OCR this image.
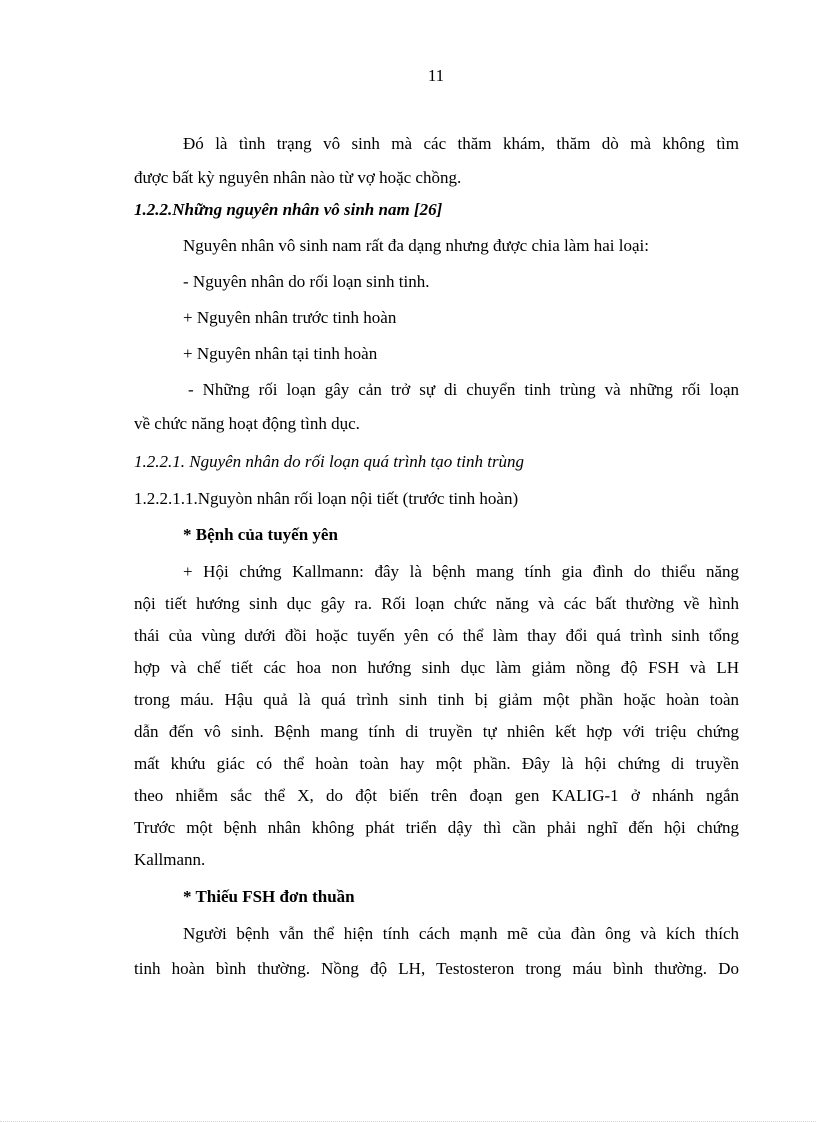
11
Đó là tình trạng vô sinh mà các thăm khám, thăm dò mà không tìm
được bất kỳ nguyên nhân nào từ vợ hoặc chồng.
1.2.2.Những nguyên nhân vô sinh nam [26]
Nguyên nhân vô sinh nam rất đa dạng nhưng được chia làm hai loại:
- Nguyên nhân do rối loạn sinh tinh.
+ Nguyên nhân trước tinh hoàn
+ Nguyên nhân tại tinh hoàn
- Những rối loạn gây cản trở sự di chuyển tinh trùng và những rối loạn
về chức năng hoạt động tình dục.
1.2.2.1. Nguyên nhân do rối loạn quá trình tạo tinh trùng
1.2.2.1.1.Nguyòn nhân rối loạn nội tiết (trước tinh hoàn)
* Bệnh của tuyến yên
+ Hội chứng Kallmann: đây là bệnh mang tính gia đình do thiểu năng
nội tiết hướng sinh dục gây ra. Rối loạn chức năng và các bất thường về hình
thái của vùng dưới đồi hoặc tuyến yên có thể làm thay đổi quá trình sinh tổng
hợp và chế tiết các hoa non hướng sinh dục làm giảm nồng độ FSH và LH
trong máu. Hậu quả là quá trình sinh tinh bị giảm một phần hoặc hoàn toàn
dẫn đến vô sinh. Bệnh mang tính di truyền tự nhiên kết hợp với triệu chứng
mất khứu giác có thể hoàn toàn hay một phần. Đây là hội chứng di truyền
theo nhiễm sắc thể X, do đột biến trên đoạn gen KALIG-1 ở nhánh ngắn
Trước một bệnh nhân không phát triển dậy thì cần phải nghĩ đến hội chứng
Kallmann.
* Thiếu FSH đơn thuần
Người bệnh vẫn thể hiện tính cách mạnh mẽ của đàn ông và kích thích
tinh hoàn bình thường. Nồng độ LH, Testosteron trong máu bình thường. Do
